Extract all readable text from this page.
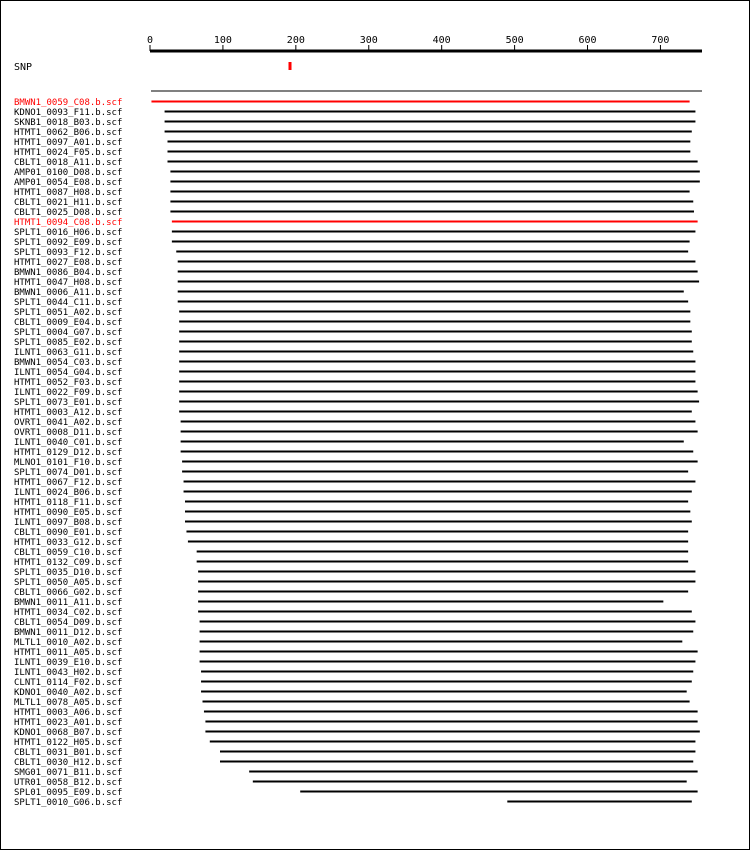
0	100	200	300	400	500	600	700
SNP
BMWN1_0059_C08.b.scf
KDNO1_0093_F11.b.scf
SKNB1_0018_B03.b.scf
HTMT1_0062_B06.b.scf
HTMT1_0097_A01.b.scf
HTMT1_0024_F05.b.scf
CBLT1_0018_A11.b.scf
AMP01_0100_D08.b.scf
AMP01_0054_E08.b.scf
HTMT1_0087_H08.b.scf
CBLT1_0021_H11.b.scf
CBLT1_0025_D08.b.scf
HTMT1_0094_C08.b.scf
SPLT1_0016_H06.b.scf
SPLT1_0092_E09.b.scf
SPLT1_0093_F12.b.scf
HTMT1_0027_E08.b.scf
BMWN1_0086_B04.b.scf
HTMT1_0047_H08.b.scf
BMWN1_0006_A11.b.scf
SPLT1_0044_C11.b.scf
SPLT1_0051_A02.b.scf
CBLT1_0009_E04.b.scf
SPLT1_0004_G07.b.scf
SPLT1_0085_E02.b.scf
ILNT1_0063_G11.b.scf
BMWN1_0054_C03.b.scf
ILNT1_0054_G04.b.scf
HTMT1_0052_F03.b.scf
ILNT1_0022_F09.b.scf
SPLT1_0073_E01.b.scf
HTMT1_0003_A12.b.scf
OVRT1_0041_A02.b.scf
OVRT1_0008_D11.b.scf
ILNT1_0040_C01.b.scf
HTMT1_0129_D12.b.scf
MLNO1_0101_F10.b.scf
SPLT1_0074_D01.b.scf
HTMT1_0067_F12.b.scf
ILNT1_0024_B06.b.scf
HTMT1_0118_F11.b.scf
HTMT1_0090_E05.b.scf
ILNT1_0097_B08.b.scf
CBLT1_0090_E01.b.scf
HTMT1_0033_G12.b.scf
CBLT1_0059_C10.b.scf
HTMT1_0132_C09.b.scf
SPLT1_0035_D10.b.scf
SPLT1_0050_A05.b.scf
CBLT1_0066_G02.b.scf
BMWN1_0011_A11.b.scf
HTMT1_0034_C02.b.scf
CBLT1_0054_D09.b.scf
BMWN1_0011_D12.b.scf
MLTL1_0010_A02.b.scf
HTMT1_0011_A05.b.scf
ILNT1_0039_E10.b.scf
ILNT1_0043_H02.b.scf
CLNT1_0114_F02.b.scf
KDNO1_0040_A02.b.scf
MLTL1_0078_A05.b.scf
HTMT1_0003_A06.b.scf
HTMT1_0023_A01.b.scf
KDNO1_0068_B07.b.scf
HTMT1_0122_H05.b.scf
CBLT1_0031_B01.b.scf
CBLT1_0030_H12.b.scf
SMG01_0071_B11.b.scf
UTR01_0058_B12.b.scf
SPL01_0095_E09.b.scf
SPLT1_0010_G06.b.scf
